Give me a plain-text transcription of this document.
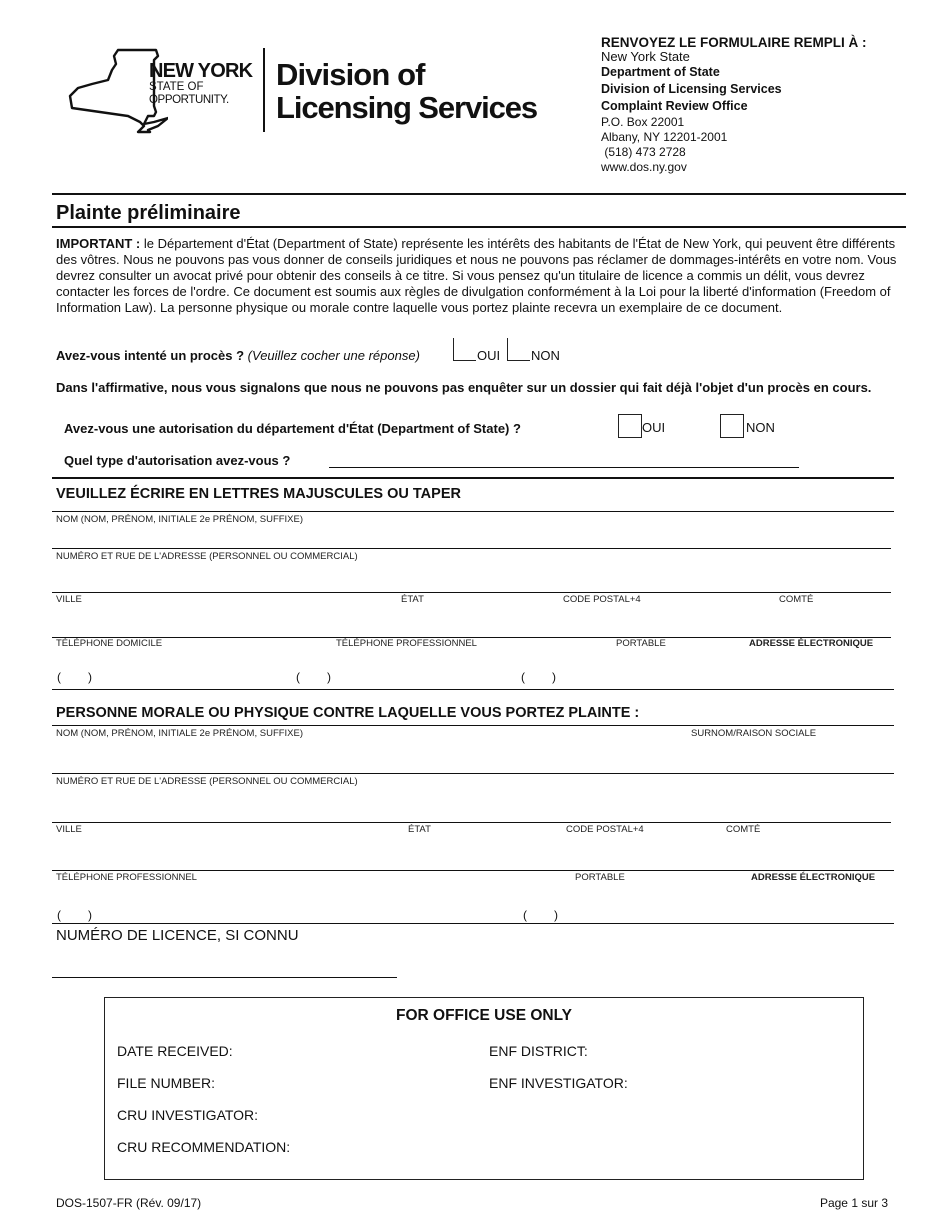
NEW YORK
STATE OF
OPPORTUNITY.
Division of
Licensing Services
RENVOYEZ LE FORMULAIRE REMPLI À :
New York State
Department of State
Division of Licensing Services
Complaint Review Office
P.O. Box 22001
Albany, NY 12201-2001
(518) 473 2728
www.dos.ny.gov
Plainte préliminaire
IMPORTANT : le Département d'État (Department of State) représente les intérêts des habitants de l'État de New York, qui peuvent être différents des vôtres. Nous ne pouvons pas vous donner de conseils juridiques et nous ne pouvons pas réclamer de dommages-intérêts en votre nom. Vous devrez consulter un avocat privé pour obtenir des conseils à ce titre. Si vous pensez qu'un titulaire de licence a commis un délit, vous devrez contacter les forces de l'ordre. Ce document est soumis aux règles de divulgation conformément à la Loi pour la liberté d'information (Freedom of Information Law). La personne physique ou morale contre laquelle vous portez plainte recevra un exemplaire de ce document.
Avez-vous intenté un procès ? (Veuillez cocher une réponse)	OUI NON
Dans l'affirmative, nous vous signalons que nous ne pouvons pas enquêter sur un dossier qui fait déjà l'objet d'un procès en cours.
Avez-vous une autorisation du département d'État (Department of State) ?	OUI	NON
Quel type d'autorisation avez-vous ?
VEUILLEZ ÉCRIRE EN LETTRES MAJUSCULES OU TAPER
NOM (NOM, PRÉNOM, INITIALE 2e PRÉNOM, SUFFIXE)
NUMÉRO ET RUE DE L'ADRESSE (PERSONNEL OU COMMERCIAL)
VILLE	ÉTAT	CODE POSTAL+4	COMTÉ
TÉLÉPHONE DOMICILE	TÉLÉPHONE PROFESSIONNEL	PORTABLE	ADRESSE ÉLECTRONIQUE
( )	( )	( )
PERSONNE MORALE OU PHYSIQUE CONTRE LAQUELLE VOUS PORTEZ PLAINTE :
NOM (NOM, PRÉNOM, INITIALE 2e PRÉNOM, SUFFIXE)	SURNOM/RAISON SOCIALE
NUMÉRO ET RUE DE L'ADRESSE (PERSONNEL OU COMMERCIAL)
VILLE	ÉTAT	CODE POSTAL+4	COMTÉ
TÉLÉPHONE PROFESSIONNEL	PORTABLE	ADRESSE ÉLECTRONIQUE
( )	( )
NUMÉRO DE LICENCE, SI CONNU
FOR OFFICE USE ONLY
DATE RECEIVED:	ENF DISTRICT:
FILE NUMBER:	ENF INVESTIGATOR:
CRU INVESTIGATOR:
CRU RECOMMENDATION:
DOS-1507-FR (Rév. 09/17)	Page 1 sur 3
